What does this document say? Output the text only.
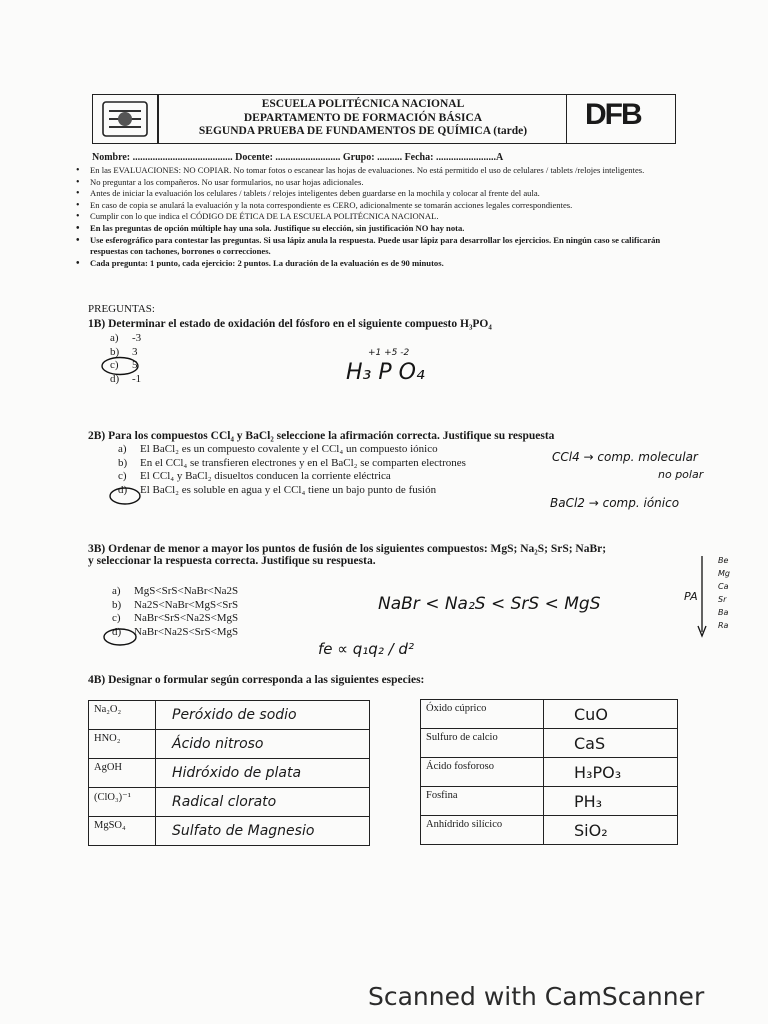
ESCUELA POLITÉCNICA NACIONAL
DEPARTAMENTO DE FORMACIÓN BÁSICA
SEGUNDA PRUEBA DE FUNDAMENTOS DE QUÍMICA (tarde)	DFB
Nombre: ........................................ Docente: .......................... Grupo: .......... Fecha: ........................A
• En las EVALUACIONES: NO COPIAR. No tomar fotos o escanear las hojas de evaluaciones. No está permitido el uso de celulares / tablets /relojes inteligentes.
• No preguntar a los compañeros. No usar formularios, no usar hojas adicionales.
• Antes de iniciar la evaluación los celulares / tablets / relojes inteligentes deben guardarse en la mochila y colocar al frente del aula.
• En caso de copia se anulará la evaluación y la nota correspondiente es CERO, adicionalmente se tomarán acciones legales correspondientes.
• Cumplir con lo que indica el CÓDIGO DE ÉTICA DE LA ESCUELA POLITÉCNICA NACIONAL.
• En las preguntas de opción múltiple hay una sola. Justifique su elección, sin justificación NO hay nota.
• Use esferográfico para contestar las preguntas. Si usa lápiz anula la respuesta. Puede usar lápiz para desarrollar los ejercicios. En ningún caso se calificarán respuestas con tachones, borrones o correcciones.
• Cada pregunta: 1 punto, cada ejercicio: 2 puntos. La duración de la evaluación es de 90 minutos.
PREGUNTAS:
1B) Determinar el estado de oxidación del fósforo en el siguiente compuesto H₃PO₄
a) -3
b) 3
c) 5
d) -1
+1 +5 -2
H₃ P O₄
2B) Para los compuestos CCl₄ y BaCl₂ seleccione la afirmación correcta. Justifique su respuesta
a) El BaCl₂ es un compuesto covalente y el CCl₄ un compuesto iónico
b) En el CCl₄ se transfieren electrones y en el BaCl₂ se comparten electrones
c) El CCl₄ y BaCl₂ disueltos conducen la corriente eléctrica
d) El BaCl₂ es soluble en agua y el CCl₄ tiene un bajo punto de fusión
CCl4 → comp. molecular
no polar
BaCl2 → comp. iónico
3B) Ordenar de menor a mayor los puntos de fusión de los siguientes compuestos: MgS; Na₂S; SrS; NaBr;
y seleccionar la respuesta correcta. Justifique su respuesta.
a) MgS<SrS<NaBr<Na2S
b) Na2S<NaBr<MgS<SrS
c) NaBr<SrS<Na2S<MgS
d) NaBr<Na2S<SrS<MgS
NaBr < Na₂S < SrS < MgS
fe ∝ q₁q₂ / d²
PA
Be
Mg
Ca
Sr
Ba
Ra
4B) Designar o formular según corresponda a las siguientes especies:
Na₂O₂	Peróxido de sodio
HNO₂	Ácido nitroso
AgOH	Hidróxido de plata
(ClO₃)⁻¹	Radical clorato
MgSO₄	Sulfato de Magnesio
Óxido cúprico	CuO
Sulfuro de calcio	CaS
Ácido fosforoso	H₃PO₃
Fosfina	PH₃
Anhídrido silícico	SiO₂
Scanned with CamScanner
